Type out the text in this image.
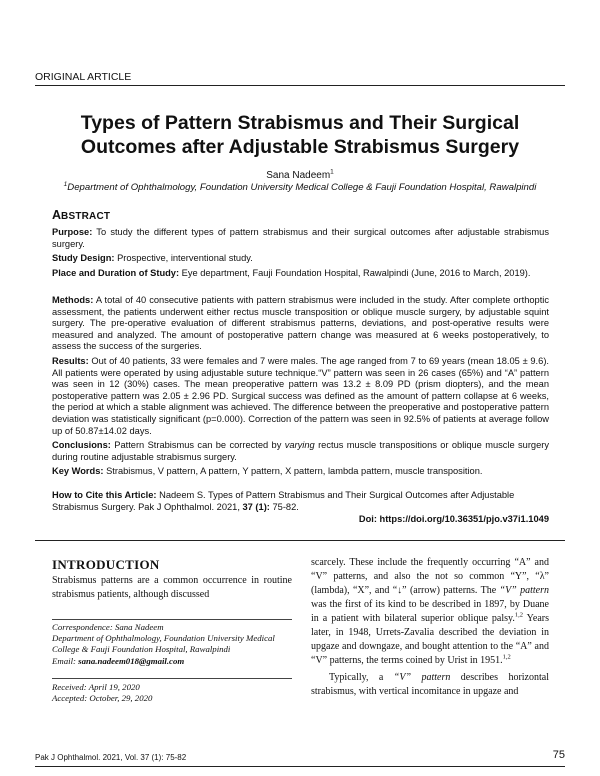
ORIGINAL ARTICLE
Types of Pattern Strabismus and Their Surgical
Outcomes after Adjustable Strabismus Surgery
Sana Nadeem$^1$
$^1$Department of Ophthalmology, Foundation University Medical College & Fauji Foundation Hospital, Rawalpindi
ABSTRACT
Purpose: To study the different types of pattern strabismus and their surgical outcomes after adjustable strabismus surgery.
Study Design: Prospective, interventional study.
Place and Duration of Study: Eye department, Fauji Foundation Hospital, Rawalpindi (June, 2016 to March, 2019).
Methods: A total of 40 consecutive patients with pattern strabismus were included in the study. After complete orthoptic assessment, the patients underwent either rectus muscle transposition or oblique muscle surgery, by adjustable squint surgery. The pre-operative evaluation of different strabismus patterns, deviations, and post-operative results were measured and analyzed. The amount of postoperative pattern change was measured at 6 weeks postoperatively, to assess the success of the surgeries.
Results: Out of 40 patients, 33 were females and 7 were males. The age ranged from 7 to 69 years (mean 18.05 ± 9.6). All patients were operated by using adjustable suture technique.“V” pattern was seen in 26 cases (65%) and “A” pattern was seen in 12 (30%) cases. The mean preoperative pattern was 13.2 ± 8.09 PD (prism diopters), and the mean postoperative pattern was 2.05 ± 2.96 PD. Surgical success was defined as the amount of pattern collapse at 6 weeks, the period at which a stable alignment was achieved. The difference between the preoperative and postoperative pattern deviation was statistically significant (p=0.000). Correction of the pattern was seen in 92.5% of patients at average follow up of 50.87±14.02 days.
Conclusions: Pattern Strabismus can be corrected by varying rectus muscle transpositions or oblique muscle surgery during routine adjustable strabismus surgery.
Key Words: Strabismus, V pattern, A pattern, Y pattern, X pattern, lambda pattern, muscle transposition.
How to Cite this Article: Nadeem S. Types of Pattern Strabismus and Their Surgical Outcomes after Adjustable Strabismus Surgery. Pak J Ophthalmol. 2021, 37 (1): 75-82.
Doi: https://doi.org/10.36351/pjo.v37i1.1049
INTRODUCTION
Strabismus patterns are a common occurrence in routine strabismus patients, although discussed
Correspondence: Sana Nadeem
Department of Ophthalmology, Foundation University Medical College & Fauji Foundation Hospital, Rawalpindi
Email: sana.nadeem018@gmail.com
Received: April 19, 2020
Accepted: October, 29, 2020

scarcely. These include the frequently occurring “A” and “V” patterns, and also the not so common “Y”, “λ” (lambda), “X”, and “↓” (arrow) patterns. The “V” pattern was the first of its kind to be described in 1897, by Duane in a patient with bilateral superior oblique palsy.$^{1,2}$ Years later, in 1948, Urrets-Zavalia described the deviation in upgaze and downgaze, and bought attention to the “A” and “V” patterns, the terms coined by Urist in 1951.$^{1,2}$

Typically, a “V” pattern describes horizontal strabismus, with vertical incomitance in upgaze and

Pak J Ophthalmol. 2021, Vol. 37 (1): 75-82	75
